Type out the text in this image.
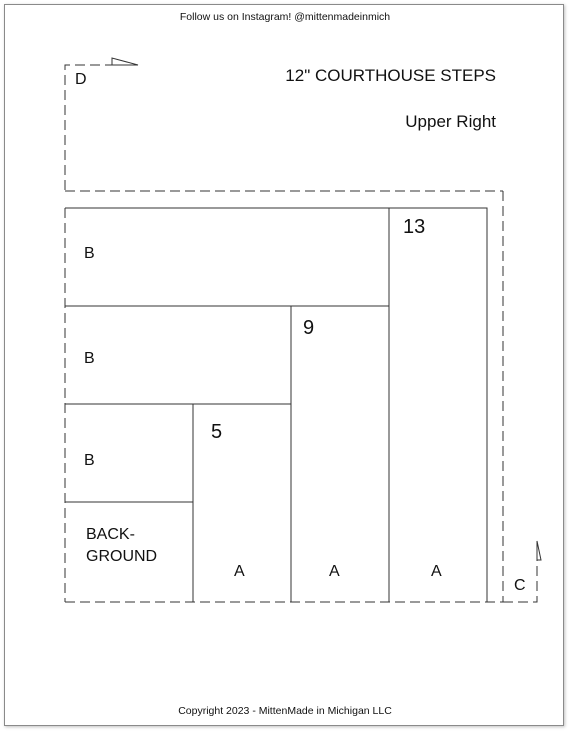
Follow us on Instagram! @mittenmadeinmich
12" COURTHOUSE STEPS
Upper Right
D
C
B
B
B
BACK-
GROUND
A	A	A
5
9
13
Copyright 2023 - MittenMade in Michigan LLC
